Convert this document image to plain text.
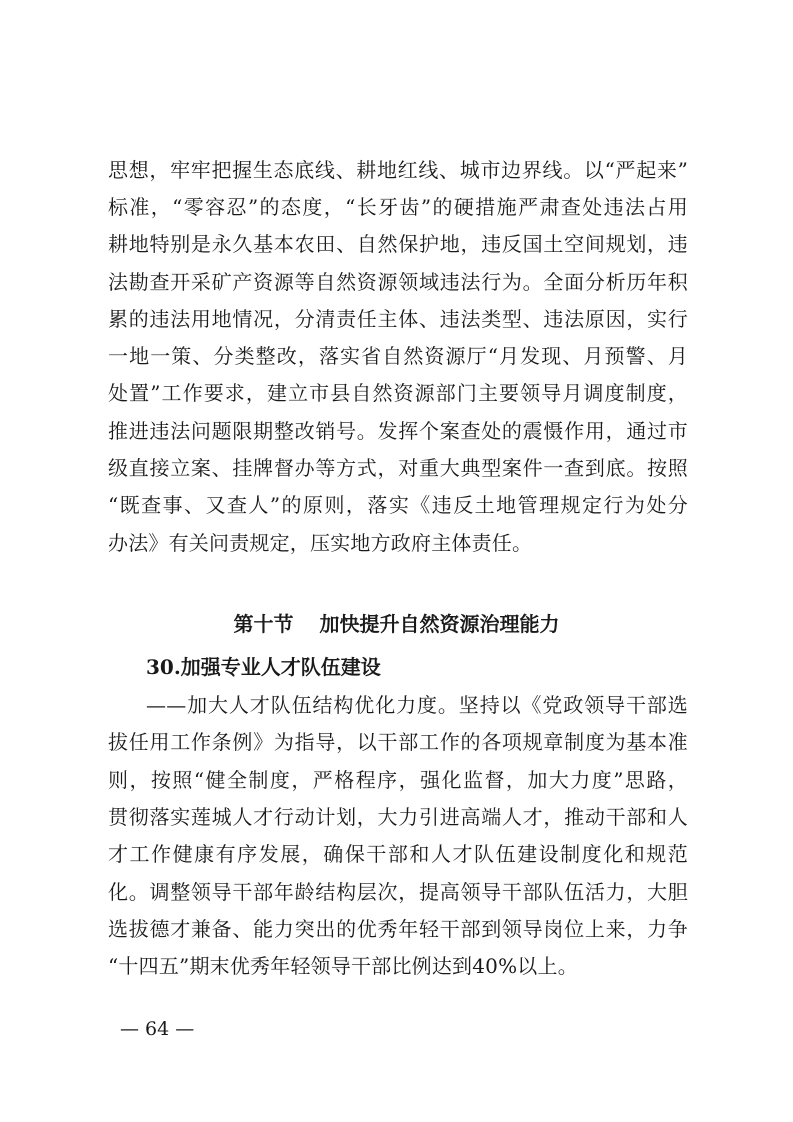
思想，牢牢把握生态底线、耕地红线、城市边界线。以“严起来”
标准，“零容忍”的态度，“长牙齿”的硬措施严肃查处违法占用
耕地特别是永久基本农田、自然保护地，违反国土空间规划，违
法勘查开采矿产资源等自然资源领域违法行为。全面分析历年积
累的违法用地情况，分清责任主体、违法类型、违法原因，实行
一地一策、分类整改，落实省自然资源厅“月发现、月预警、月
处置”工作要求，建立市县自然资源部门主要领导月调度制度，
推进违法问题限期整改销号。发挥个案查处的震慑作用，通过市
级直接立案、挂牌督办等方式，对重大典型案件一查到底。按照
“既查事、又查人”的原则，落实《违反土地管理规定行为处分
办法》有关问责规定，压实地方政府主体责任。
第十节 加快提升自然资源治理能力
30.加强专业人才队伍建设
——加大人才队伍结构优化力度。坚持以《党政领导干部选
拔任用工作条例》为指导，以干部工作的各项规章制度为基本准
则，按照“健全制度，严格程序，强化监督，加大力度”思路，
贯彻落实莲城人才行动计划，大力引进高端人才，推动干部和人
才工作健康有序发展，确保干部和人才队伍建设制度化和规范
化。调整领导干部年龄结构层次，提高领导干部队伍活力，大胆
选拔德才兼备、能力突出的优秀年轻干部到领导岗位上来，力争
“十四五”期末优秀年轻领导干部比例达到40%以上。
— 64 —
